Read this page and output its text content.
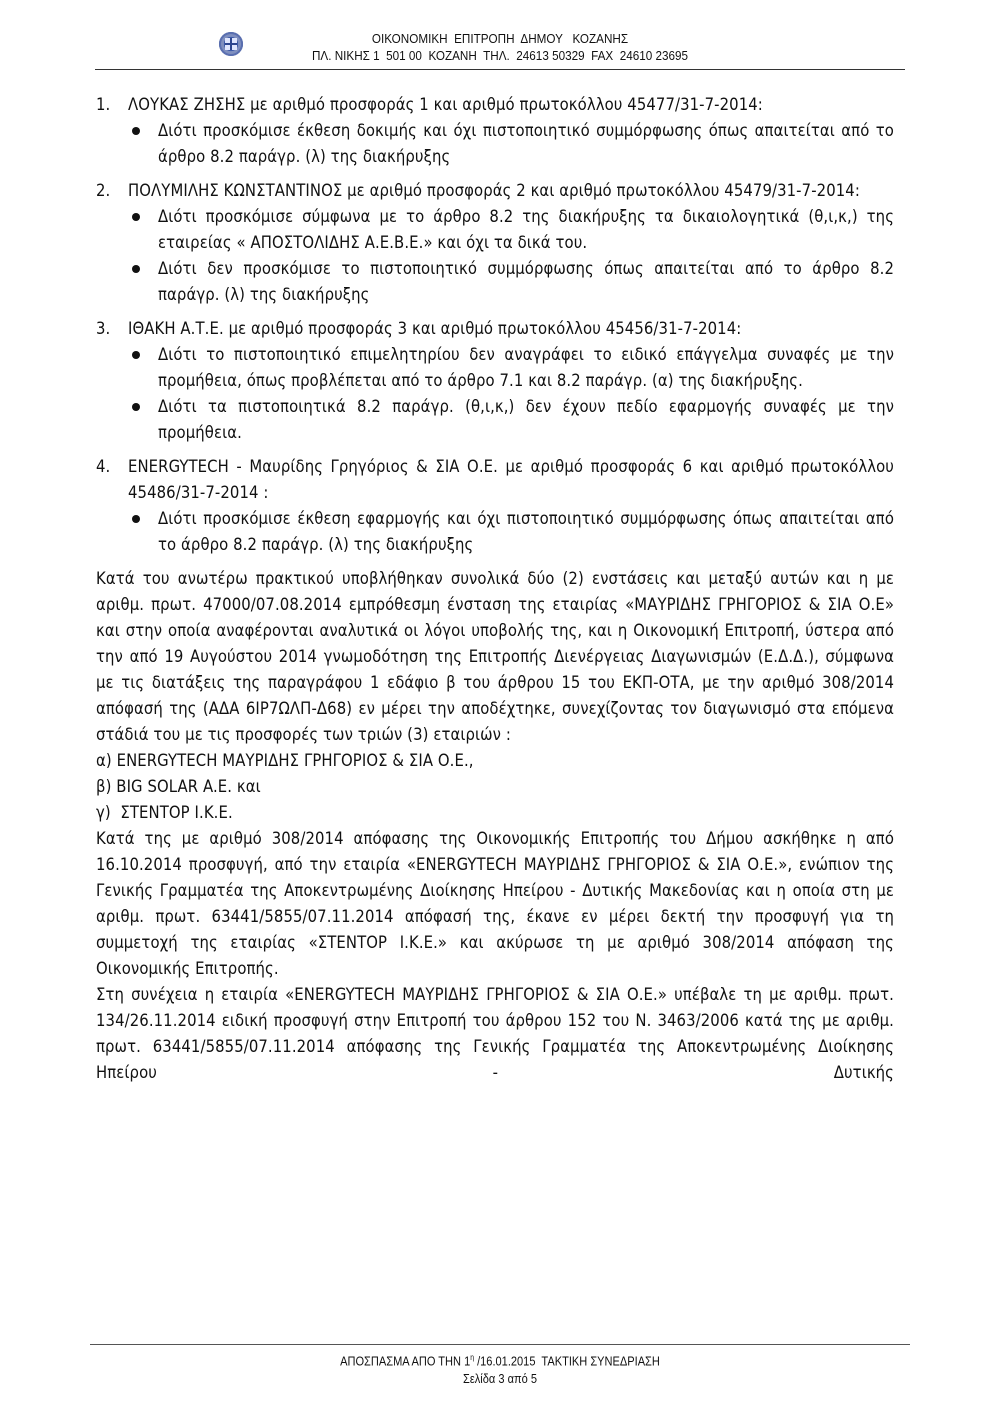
ΟΙΚΟΝΟΜΙΚΗ  ΕΠΙΤΡΟΠΗ  ΔΗΜΟΥ   ΚΟΖΑΝΗΣ
ΠΛ. ΝΙΚΗΣ 1  501 00  ΚΟΖΑΝΗ  ΤΗΛ.  24613 50329  FAX  24610 23695
1. ΛΟΥΚΑΣ ΖΗΣΗΣ με αριθμό προσφοράς 1 και αριθμό πρωτοκόλλου 45477/31-7-2014:
Διότι προσκόμισε έκθεση δοκιμής και όχι πιστοποιητικό συμμόρφωσης όπως απαιτείται από το άρθρο 8.2 παράγρ. (λ) της διακήρυξης
2. ΠΟΛΥΜΙΛΗΣ ΚΩΝΣΤΑΝΤΙΝΟΣ με αριθμό προσφοράς 2 και αριθμό πρωτοκόλλου 45479/31-7-2014:
Διότι προσκόμισε σύμφωνα με το άρθρο 8.2 της διακήρυξης τα δικαιολογητικά (θ,ι,κ,) της εταιρείας « ΑΠΟΣΤΟΛΙΔΗΣ Α.Ε.Β.Ε.» και όχι τα δικά του.
Διότι δεν προσκόμισε το πιστοποιητικό συμμόρφωσης όπως απαιτείται από το άρθρο 8.2 παράγρ. (λ) της διακήρυξης
3. ΙΘΑΚΗ Α.Τ.Ε. με αριθμό προσφοράς 3 και αριθμό πρωτοκόλλου 45456/31-7-2014:
Διότι το πιστοποιητικό επιμελητηρίου δεν αναγράφει το ειδικό επάγγελμα συναφές με την προμήθεια, όπως προβλέπεται από το άρθρο 7.1 και 8.2 παράγρ. (α) της διακήρυξης.
Διότι τα πιστοποιητικά 8.2 παράγρ. (θ,ι,κ,) δεν έχουν πεδίο εφαρμογής συναφές με την προμήθεια.
4. ENERGYTECH - Μαυρίδης Γρηγόριος & ΣΙΑ Ο.Ε. με αριθμό προσφοράς 6 και αριθμό πρωτοκόλλου 45486/31-7-2014 :
Διότι προσκόμισε έκθεση εφαρμογής και όχι πιστοποιητικό συμμόρφωσης όπως απαιτείται από το άρθρο 8.2 παράγρ. (λ) της διακήρυξης

Κατά του ανωτέρω πρακτικού υποβλήθηκαν συνολικά δύο (2) ενστάσεις και μεταξύ αυτών και η με αριθμ. πρωτ. 47000/07.08.2014 εμπρόθεσμη ένσταση της εταιρίας «ΜΑΥΡΙΔΗΣ ΓΡΗΓΟΡΙΟΣ & ΣΙΑ Ο.Ε» και στην οποία αναφέρονται αναλυτικά οι λόγοι υποβολής της, και η Οικονομική Επιτροπή, ύστερα από την από 19 Αυγούστου 2014 γνωμοδότηση της Επιτροπής Διενέργειας Διαγωνισμών (Ε.Δ.Δ.), σύμφωνα με τις διατάξεις της παραγράφου 1 εδάφιο β του άρθρου 15 του ΕΚΠ-ΟΤΑ, με την αριθμό 308/2014 απόφασή της (ΑΔΑ 6ΙΡ7ΩΛΠ-Δ68) εν μέρει την αποδέχτηκε, συνεχίζοντας τον διαγωνισμό στα επόμενα στάδιά του με τις προσφορές των τριών (3) εταιριών :

α) ENERGYTECH ΜΑΥΡΙΔΗΣ ΓΡΗΓΟΡΙΟΣ & ΣΙΑ Ο.Ε.,
β) BIG SOLAR A.E. και
γ)  ΣΤΕΝΤΟΡ Ι.Κ.Ε.

Κατά της με αριθμό 308/2014 απόφασης της Οικονομικής Επιτροπής του Δήμου ασκήθηκε η από 16.10.2014 προσφυγή, από την εταιρία «ENERGYTECH ΜΑΥΡΙΔΗΣ ΓΡΗΓΟΡΙΟΣ & ΣΙΑ Ο.Ε.», ενώπιον της Γενικής Γραμματέα της Αποκεντρωμένης Διοίκησης Ηπείρου - Δυτικής Μακεδονίας και η οποία στη με αριθμ. πρωτ. 63441/5855/07.11.2014 απόφασή της, έκανε εν μέρει δεκτή την προσφυγή για τη συμμετοχή της εταιρίας «ΣΤΕΝΤΟΡ Ι.Κ.Ε.» και ακύρωσε τη με αριθμό 308/2014 απόφαση της Οικονομικής Επιτροπής.

Στη συνέχεια η εταιρία «ENERGYTECH ΜΑΥΡΙΔΗΣ ΓΡΗΓΟΡΙΟΣ & ΣΙΑ Ο.Ε.» υπέβαλε τη με αριθμ. πρωτ. 134/26.11.2014 ειδική προσφυγή στην Επιτροπή του άρθρου 152 του Ν. 3463/2006 κατά της με αριθμ. πρωτ. 63441/5855/07.11.2014 απόφασης της Γενικής Γραμματέα της Αποκεντρωμένης Διοίκησης Ηπείρου - Δυτικής

ΑΠΟΣΠΑΣΜΑ ΑΠΟ ΤΗΝ $1^\eta$ /16.01.2015  ΤΑΚΤΙΚΗ ΣΥΝΕΔΡΙΑΣΗ
Σελίδα 3 από 5
